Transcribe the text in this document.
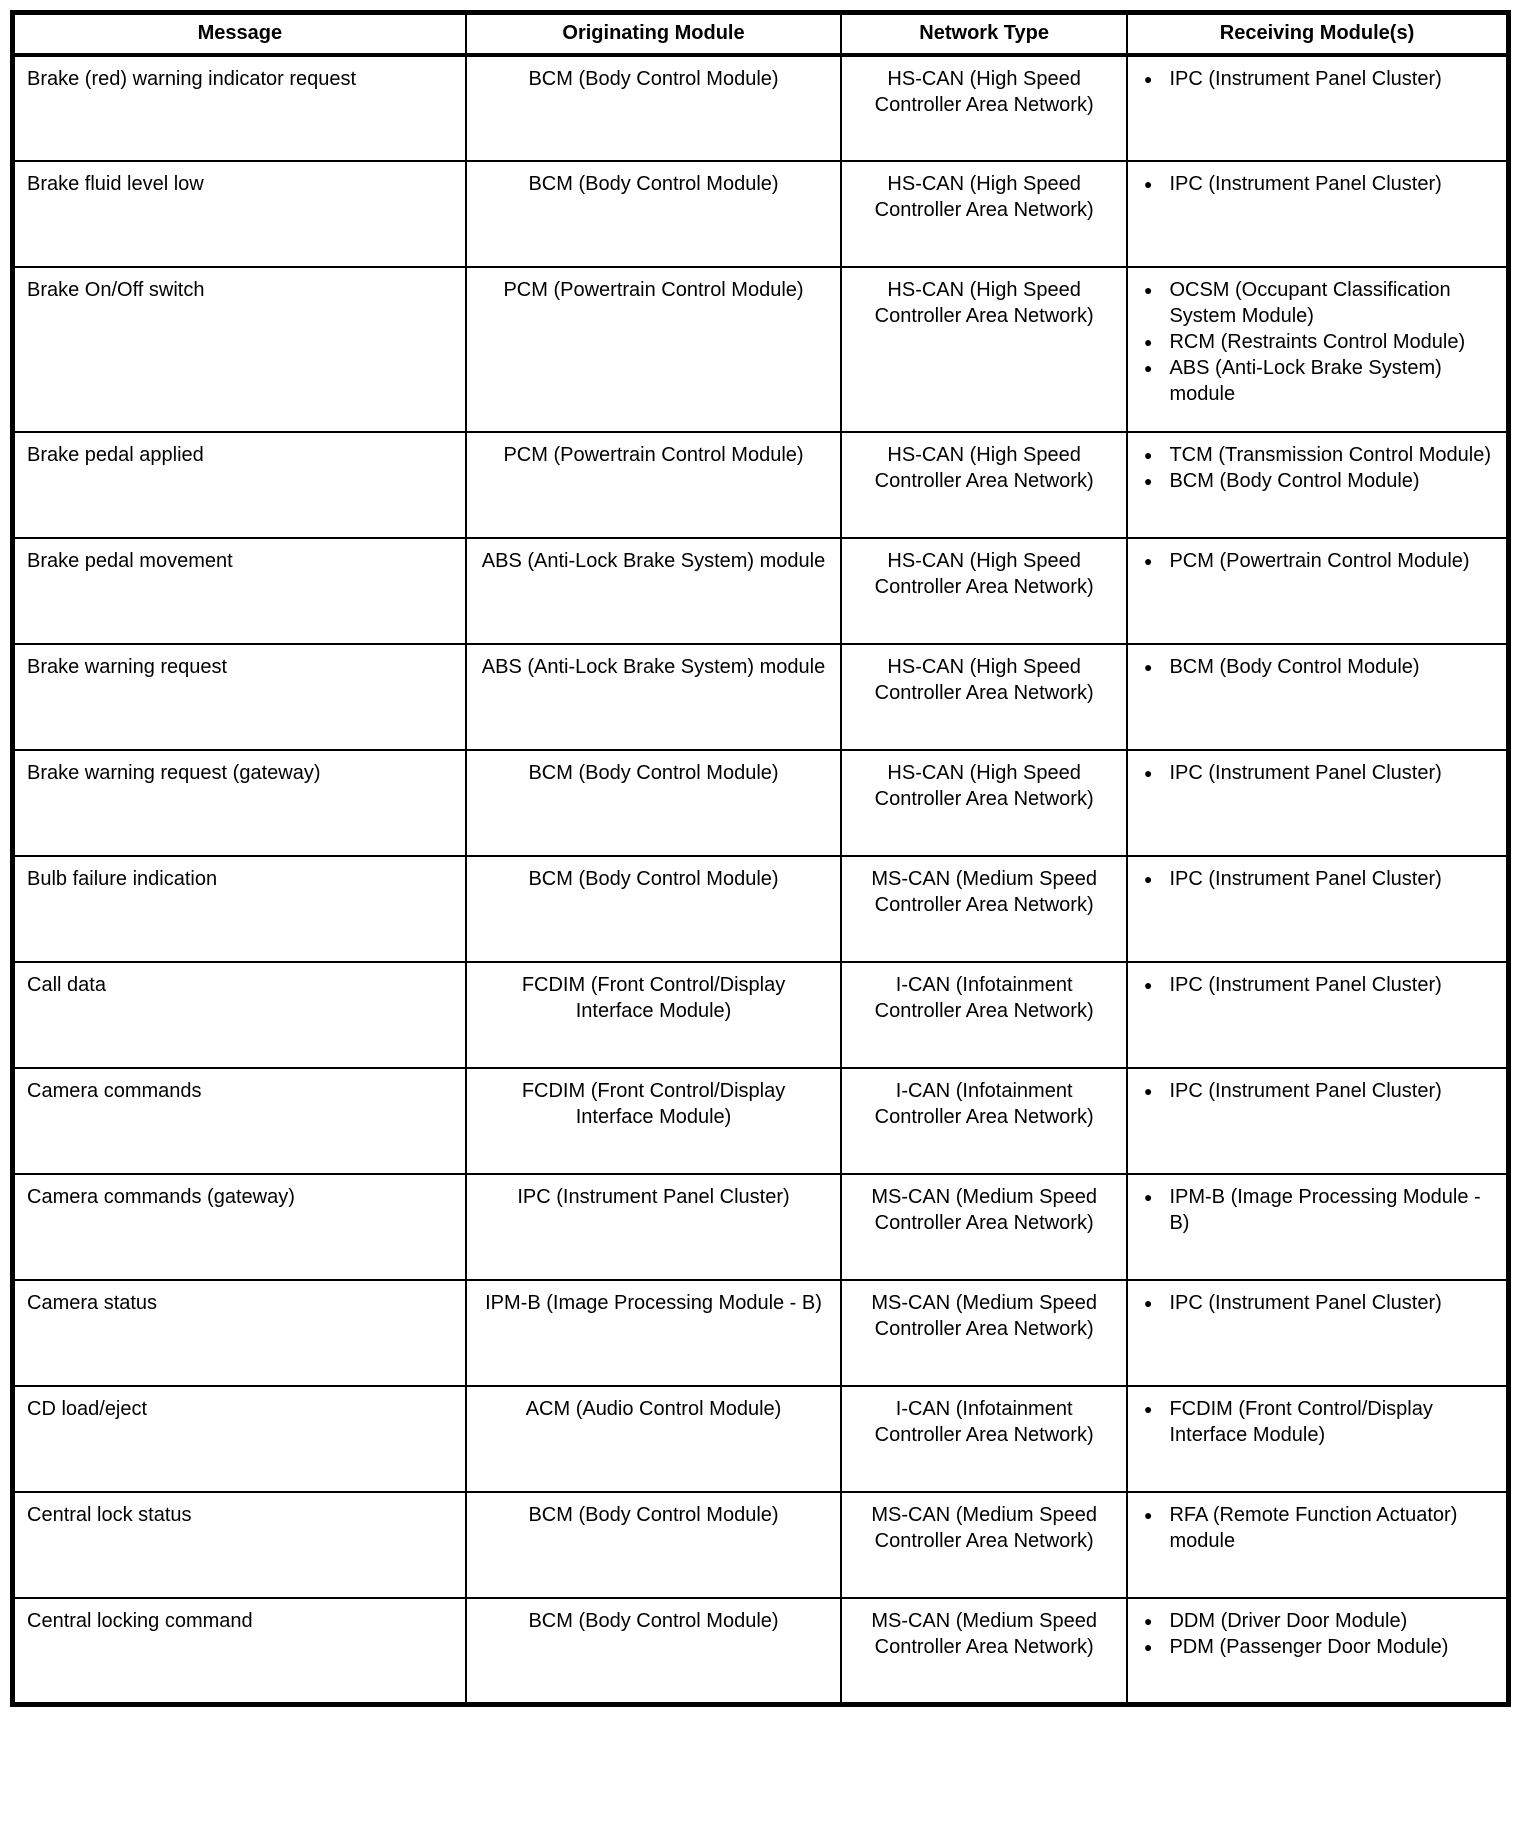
Message	Originating Module	Network Type	Receiving Module(s)
Brake (red) warning indicator request	BCM (Body Control Module)	HS-CAN (High Speed Controller Area Network)	
● IPC (Instrument Panel Cluster)

Brake fluid level low	BCM (Body Control Module)	HS-CAN (High Speed Controller Area Network)	
● IPC (Instrument Panel Cluster)

Brake On/Off switch	PCM (Powertrain Control Module)	HS-CAN (High Speed Controller Area Network)	
● OCSM (Occupant Classification System Module)
● RCM (Restraints Control Module)
● ABS (Anti-Lock Brake System) module

Brake pedal applied	PCM (Powertrain Control Module)	HS-CAN (High Speed Controller Area Network)	
● TCM (Transmission Control Module)
● BCM (Body Control Module)

Brake pedal movement	ABS (Anti-Lock Brake System) module	HS-CAN (High Speed Controller Area Network)	
● PCM (Powertrain Control Module)

Brake warning request	ABS (Anti-Lock Brake System) module	HS-CAN (High Speed Controller Area Network)	
● BCM (Body Control Module)

Brake warning request (gateway)	BCM (Body Control Module)	HS-CAN (High Speed Controller Area Network)	
● IPC (Instrument Panel Cluster)

Bulb failure indication	BCM (Body Control Module)	MS-CAN (Medium Speed Controller Area Network)	
● IPC (Instrument Panel Cluster)

Call data	FCDIM (Front Control/Display Interface Module)	I-CAN (Infotainment Controller Area Network)	
● IPC (Instrument Panel Cluster)

Camera commands	FCDIM (Front Control/Display Interface Module)	I-CAN (Infotainment Controller Area Network)	
● IPC (Instrument Panel Cluster)

Camera commands (gateway)	IPC (Instrument Panel Cluster)	MS-CAN (Medium Speed Controller Area Network)	
● IPM-B (Image Processing Module - B)

Camera status	IPM-B (Image Processing Module - B)	MS-CAN (Medium Speed Controller Area Network)	
● IPC (Instrument Panel Cluster)

CD load/eject	ACM (Audio Control Module)	I-CAN (Infotainment Controller Area Network)	
● FCDIM (Front Control/Display Interface Module)

Central lock status	BCM (Body Control Module)	MS-CAN (Medium Speed Controller Area Network)	
● RFA (Remote Function Actuator) module

Central locking command	BCM (Body Control Module)	MS-CAN (Medium Speed Controller Area Network)	
● DDM (Driver Door Module)
● PDM (Passenger Door Module)
